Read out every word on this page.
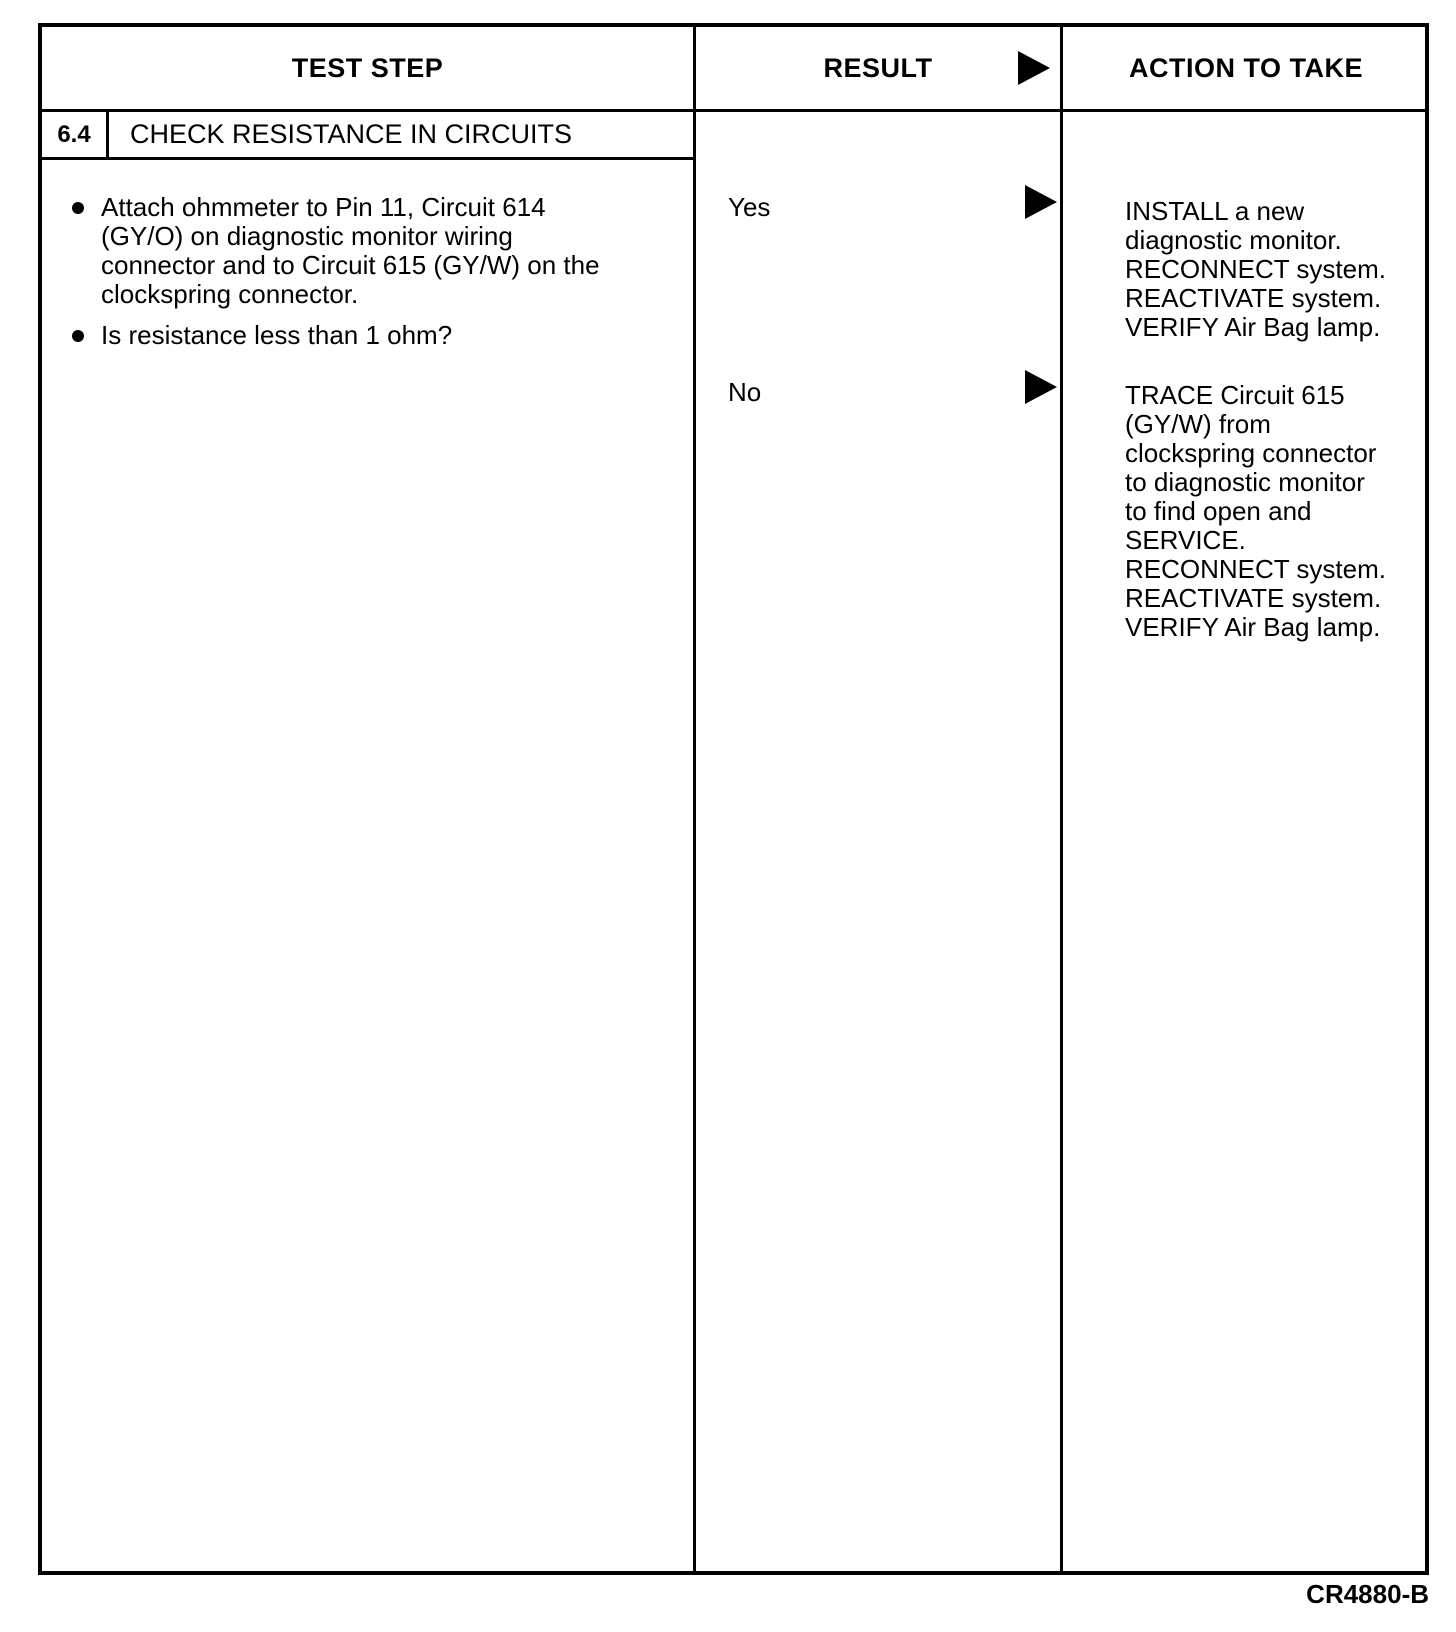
TEST STEP	RESULT	ACTION TO TAKE
6.4	CHECK RESISTANCE IN CIRCUITS
Attach ohmmeter to Pin 11, Circuit 614 (GY/O) on diagnostic monitor wiring connector and to Circuit 615 (GY/W) on the clockspring connector.
Is resistance less than 1 ohm?
Yes	INSTALL a new
diagnostic monitor.
RECONNECT system.
REACTIVATE system.
VERIFY Air Bag lamp.
No	TRACE Circuit 615
(GY/W) from
clockspring connector
to diagnostic monitor
to find open and
SERVICE.
RECONNECT system.
REACTIVATE system.
VERIFY Air Bag lamp.
CR4880-B
